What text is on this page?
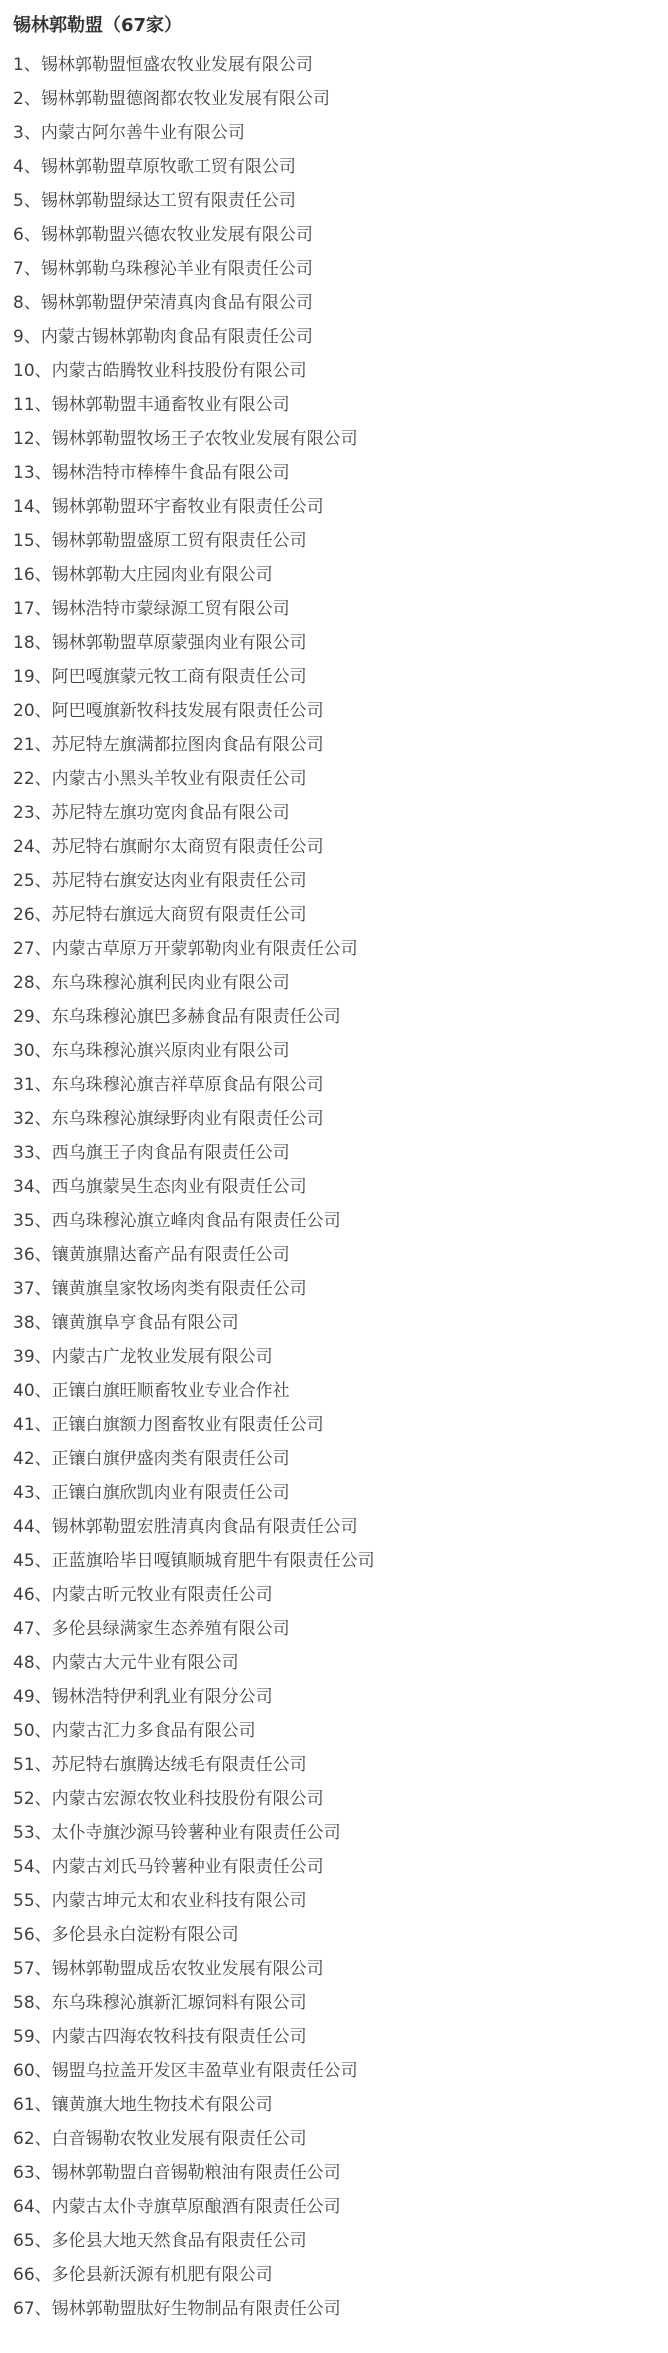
锡林郭勒盟（67家）
1、锡林郭勒盟恒盛农牧业发展有限公司
2、锡林郭勒盟德阁都农牧业发展有限公司
3、内蒙古阿尔善牛业有限公司
4、锡林郭勒盟草原牧歌工贸有限公司
5、锡林郭勒盟绿达工贸有限责任公司
6、锡林郭勒盟兴德农牧业发展有限公司
7、锡林郭勒乌珠穆沁羊业有限责任公司
8、锡林郭勒盟伊荣清真肉食品有限公司
9、内蒙古锡林郭勒肉食品有限责任公司
10、内蒙古皓腾牧业科技股份有限公司
11、锡林郭勒盟丰通畜牧业有限公司
12、锡林郭勒盟牧场王子农牧业发展有限公司
13、锡林浩特市棒棒牛食品有限公司
14、锡林郭勒盟环宇畜牧业有限责任公司
15、锡林郭勒盟盛原工贸有限责任公司
16、锡林郭勒大庄园肉业有限公司
17、锡林浩特市蒙绿源工贸有限公司
18、锡林郭勒盟草原蒙强肉业有限公司
19、阿巴嘎旗蒙元牧工商有限责任公司
20、阿巴嘎旗新牧科技发展有限责任公司
21、苏尼特左旗满都拉图肉食品有限公司
22、内蒙古小黑头羊牧业有限责任公司
23、苏尼特左旗功宽肉食品有限公司
24、苏尼特右旗耐尔太商贸有限责任公司
25、苏尼特右旗安达肉业有限责任公司
26、苏尼特右旗远大商贸有限责任公司
27、内蒙古草原万开蒙郭勒肉业有限责任公司
28、东乌珠穆沁旗利民肉业有限公司
29、东乌珠穆沁旗巴多赫食品有限责任公司
30、东乌珠穆沁旗兴原肉业有限公司
31、东乌珠穆沁旗吉祥草原食品有限公司
32、东乌珠穆沁旗绿野肉业有限责任公司
33、西乌旗王子肉食品有限责任公司
34、西乌旗蒙昊生态肉业有限责任公司
35、西乌珠穆沁旗立峰肉食品有限责任公司
36、镶黄旗鼎达畜产品有限责任公司
37、镶黄旗皇家牧场肉类有限责任公司
38、镶黄旗阜亨食品有限公司
39、内蒙古广龙牧业发展有限公司
40、正镶白旗旺顺畜牧业专业合作社
41、正镶白旗额力图畜牧业有限责任公司
42、正镶白旗伊盛肉类有限责任公司
43、正镶白旗欣凯肉业有限责任公司
44、锡林郭勒盟宏胜清真肉食品有限责任公司
45、正蓝旗哈毕日嘎镇顺城育肥牛有限责任公司
46、内蒙古昕元牧业有限责任公司
47、多伦县绿满家生态养殖有限公司
48、内蒙古大元牛业有限公司
49、锡林浩特伊利乳业有限分公司
50、内蒙古汇力多食品有限公司
51、苏尼特右旗腾达绒毛有限责任公司
52、内蒙古宏源农牧业科技股份有限公司
53、太仆寺旗沙源马铃薯种业有限责任公司
54、内蒙古刘氏马铃薯种业有限责任公司
55、内蒙古坤元太和农业科技有限公司
56、多伦县永白淀粉有限公司
57、锡林郭勒盟成岳农牧业发展有限公司
58、东乌珠穆沁旗新汇塬饲料有限公司
59、内蒙古四海农牧科技有限责任公司
60、锡盟乌拉盖开发区丰盈草业有限责任公司
61、镶黄旗大地生物技术有限公司
62、白音锡勒农牧业发展有限责任公司
63、锡林郭勒盟白音锡勒粮油有限责任公司
64、内蒙古太仆寺旗草原酿酒有限责任公司
65、多伦县大地天然食品有限责任公司
66、多伦县新沃源有机肥有限公司
67、锡林郭勒盟肽好生物制品有限责任公司
